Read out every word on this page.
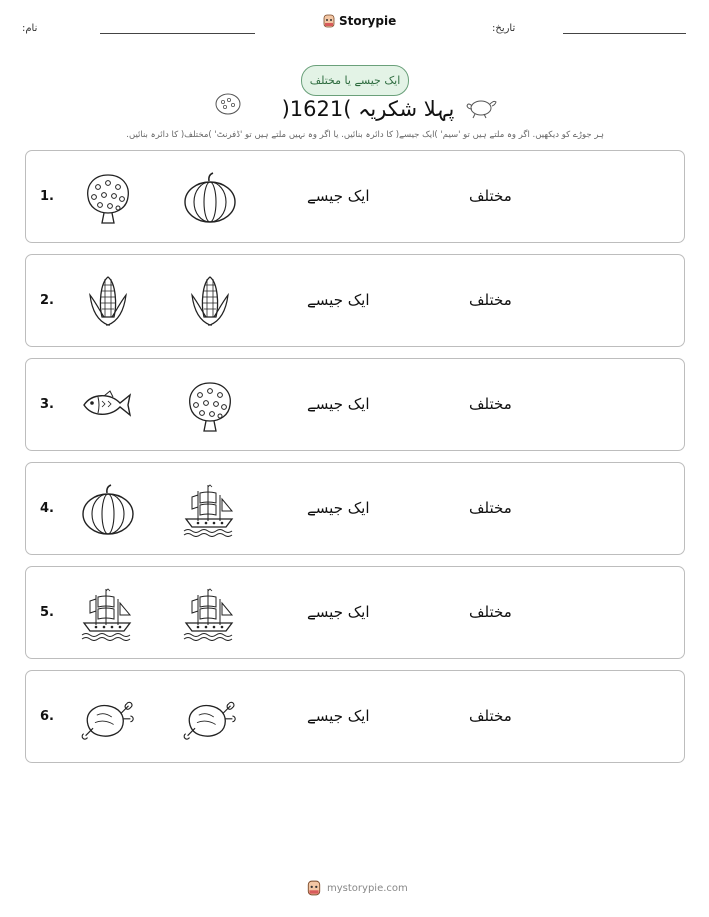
نام:
Storypie
تاریخ:
ایک جیسے یا مختلف
پہلا شکریہ )1621(
ہر جوڑے کو دیکھیں. اگر وہ ملتے ہیں تو 'سیم' )ایک جیسے( کا دائرہ بنائیں. یا اگر وہ نہیں ملتے ہیں تو 'ڈفرنٹ' )مختلف( کا دائرہ بنائیں.
1.	ایک جیسے	مختلف
2.	ایک جیسے	مختلف
3.	ایک جیسے	مختلف
4.	ایک جیسے	مختلف
5.	ایک جیسے	مختلف
6.	ایک جیسے	مختلف
mystorypie.com
